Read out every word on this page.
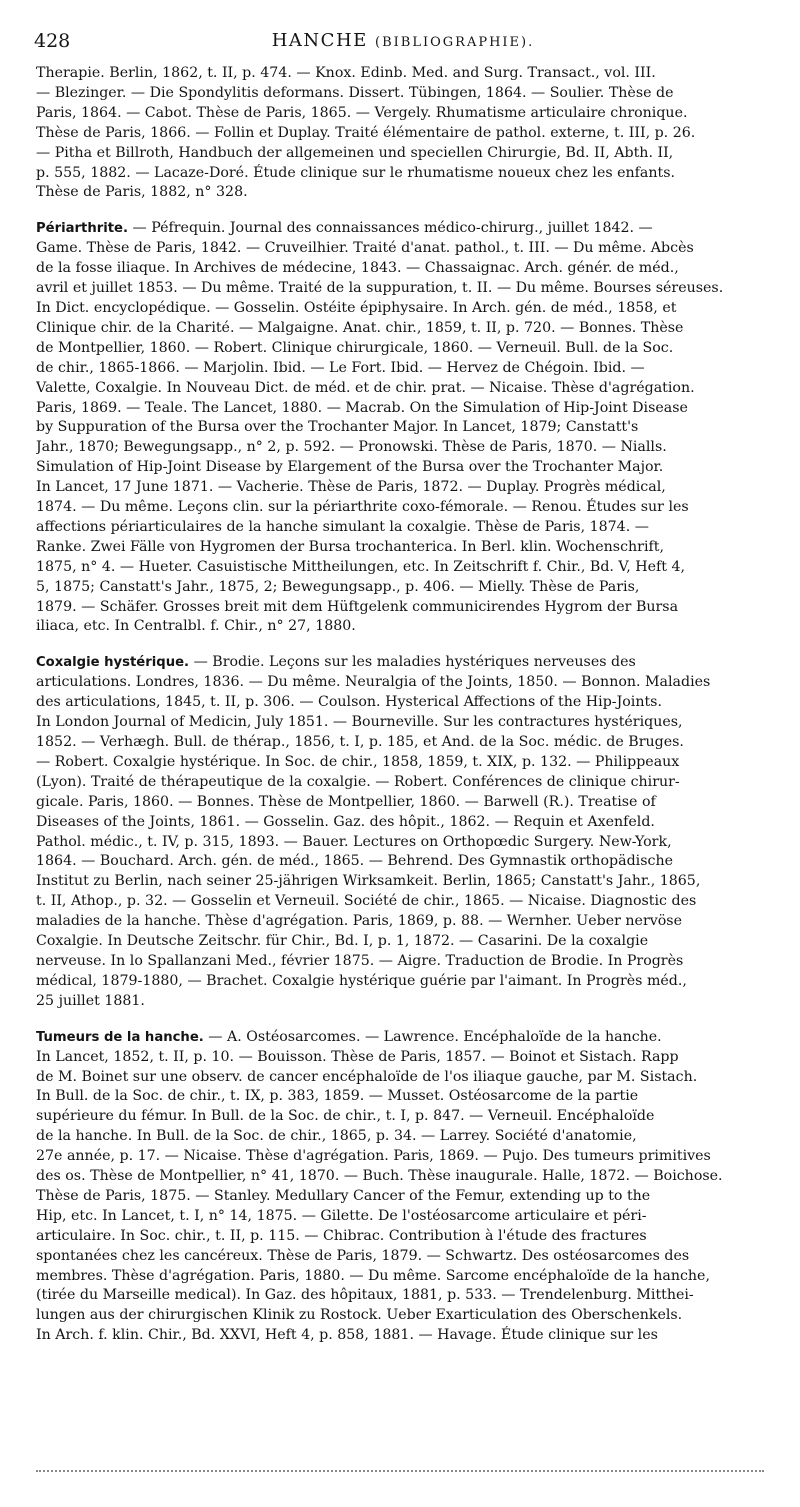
428	HANCHE (BIBLIOGRAPHIE).
Therapie. Berlin, 1862, t. II, p. 474. — Knox. Edinb. Med. and Surg. Transact., vol. III.
— Blezinger. — Die Spondylitis deformans. Dissert. Tübingen, 1864. — Soulier. Thèse de
Paris, 1864. — Cabot. Thèse de Paris, 1865. — Vergely. Rhumatisme articulaire chronique.
Thèse de Paris, 1866. — Follin et Duplay. Traité élémentaire de pathol. externe, t. III, p. 26.
— Pitha et Billroth, Handbuch der allgemeinen und speciellen Chirurgie, Bd. II, Abth. II,
p. 555, 1882. — Lacaze-Doré. Étude clinique sur le rhumatisme noueux chez les enfants.
Thèse de Paris, 1882, n° 328.
Périarthrite. — Péfrequin. Journal des connaissances médico-chirurg., juillet 1842. —
Game. Thèse de Paris, 1842. — Cruveilhier. Traité d'anat. pathol., t. III. — Du même. Abcès
de la fosse iliaque. In Archives de médecine, 1843. — Chassaignac. Arch. génér. de méd.,
avril et juillet 1853. — Du même. Traité de la suppuration, t. II. — Du même. Bourses séreuses.
In Dict. encyclopédique. — Gosselin. Ostéite épiphysaire. In Arch. gén. de méd., 1858, et
Clinique chir. de la Charité. — Malgaigne. Anat. chir., 1859, t. II, p. 720. — Bonnes. Thèse
de Montpellier, 1860. — Robert. Clinique chirurgicale, 1860. — Verneuil. Bull. de la Soc.
de chir., 1865-1866. — Marjolin. Ibid. — Le Fort. Ibid. — Hervez de Chégoin. Ibid. —
Valette, Coxalgie. In Nouveau Dict. de méd. et de chir. prat. — Nicaise. Thèse d'agrégation.
Paris, 1869. — Teale. The Lancet, 1880. — Macrab. On the Simulation of Hip-Joint Disease
by Suppuration of the Bursa over the Trochanter Major. In Lancet, 1879; Canstatt's
Jahr., 1870; Bewegungsapp., n° 2, p. 592. — Pronowski. Thèse de Paris, 1870. — Nialls.
Simulation of Hip-Joint Disease by Elargement of the Bursa over the Trochanter Major.
In Lancet, 17 June 1871. — Vacherie. Thèse de Paris, 1872. — Duplay. Progrès médical,
1874. — Du même. Leçons clin. sur la périarthrite coxo-fémorale. — Renou. Études sur les
affections périarticulaires de la hanche simulant la coxalgie. Thèse de Paris, 1874. —
Ranke. Zwei Fälle von Hygromen der Bursa trochanterica. In Berl. klin. Wochenschrift,
1875, n° 4. — Hueter. Casuistische Mittheilungen, etc. In Zeitschrift f. Chir., Bd. V, Heft 4,
5, 1875; Canstatt's Jahr., 1875, 2; Bewegungsapp., p. 406. — Mielly. Thèse de Paris,
1879. — Schäfer. Grosses breit mit dem Hüftgelenk communicirendes Hygrom der Bursa
iliaca, etc. In Centralbl. f. Chir., n° 27, 1880.
Coxalgie hystérique. — Brodie. Leçons sur les maladies hystériques nerveuses des
articulations. Londres, 1836. — Du même. Neuralgia of the Joints, 1850. — Bonnon. Maladies
des articulations, 1845, t. II, p. 306. — Coulson. Hysterical Affections of the Hip-Joints.
In London Journal of Medicin, July 1851. — Bourneville. Sur les contractures hystériques,
1852. — Verhægh. Bull. de thérap., 1856, t. I, p. 185, et And. de la Soc. médic. de Bruges.
— Robert. Coxalgie hystérique. In Soc. de chir., 1858, 1859, t. XIX, p. 132. — Philippeaux
(Lyon). Traité de thérapeutique de la coxalgie. — Robert. Conférences de clinique chirur-
gicale. Paris, 1860. — Bonnes. Thèse de Montpellier, 1860. — Barwell (R.). Treatise of
Diseases of the Joints, 1861. — Gosselin. Gaz. des hôpit., 1862. — Requin et Axenfeld.
Pathol. médic., t. IV, p. 315, 1893. — Bauer. Lectures on Orthopœdic Surgery. New-York,
1864. — Bouchard. Arch. gén. de méd., 1865. — Behrend. Des Gymnastik orthopädische
Institut zu Berlin, nach seiner 25-jährigen Wirksamkeit. Berlin, 1865; Canstatt's Jahr., 1865,
t. II, Athop., p. 32. — Gosselin et Verneuil. Société de chir., 1865. — Nicaise. Diagnostic des
maladies de la hanche. Thèse d'agrégation. Paris, 1869, p. 88. — Wernher. Ueber nervöse
Coxalgie. In Deutsche Zeitschr. für Chir., Bd. I, p. 1, 1872. — Casarini. De la coxalgie
nerveuse. In lo Spallanzani Med., février 1875. — Aigre. Traduction de Brodie. In Progrès
médical, 1879-1880, — Brachet. Coxalgie hystérique guérie par l'aimant. In Progrès méd.,
25 juillet 1881.
Tumeurs de la hanche. — A. Ostéosarcomes. — Lawrence. Encéphaloïde de la hanche.
In Lancet, 1852, t. II, p. 10. — Bouisson. Thèse de Paris, 1857. — Boinot et Sistach. Rapp
de M. Boinet sur une observ. de cancer encéphaloïde de l'os iliaque gauche, par M. Sistach.
In Bull. de la Soc. de chir., t. IX, p. 383, 1859. — Musset. Ostéosarcome de la partie
supérieure du fémur. In Bull. de la Soc. de chir., t. I, p. 847. — Verneuil. Encéphaloïde
de la hanche. In Bull. de la Soc. de chir., 1865, p. 34. — Larrey. Société d'anatomie,
27e année, p. 17. — Nicaise. Thèse d'agrégation. Paris, 1869. — Pujo. Des tumeurs primitives
des os. Thèse de Montpellier, n° 41, 1870. — Buch. Thèse inaugurale. Halle, 1872. — Boichose.
Thèse de Paris, 1875. — Stanley. Medullary Cancer of the Femur, extending up to the
Hip, etc. In Lancet, t. I, n° 14, 1875. — Gilette. De l'ostéosarcome articulaire et péri-
articulaire. In Soc. chir., t. II, p. 115. — Chibrac. Contribution à l'étude des fractures
spontanées chez les cancéreux. Thèse de Paris, 1879. — Schwartz. Des ostéosarcomes des
membres. Thèse d'agrégation. Paris, 1880. — Du même. Sarcome encéphaloïde de la hanche,
(tirée du Marseille medical). In Gaz. des hôpitaux, 1881, p. 533. — Trendelenburg. Mitthei-
lungen aus der chirurgischen Klinik zu Rostock. Ueber Exarticulation des Oberschenkels.
In Arch. f. klin. Chir., Bd. XXVI, Heft 4, p. 858, 1881. — Havage. Étude clinique sur les
